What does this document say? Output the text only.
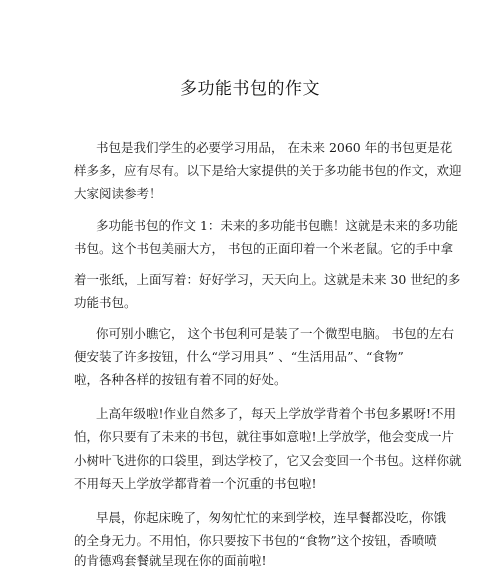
多功能书包的作文
书包是我们学生的必要学习用品， 在未来 2060 年的书包更是花
样多多，应有尽有。以下是给大家提供的关于多功能书包的作文，欢迎
大家阅读参考！
多功能书包的作文 1：未来的多功能书包瞧！这就是未来的多功能
书包。这个书包美丽大方， 书包的正面印着一个米老鼠。它的手中拿
着一张纸，上面写着：好好学习，天天向上。这就是未来 30 世纪的多
功能书包。
你可别小瞧它， 这个书包利可是装了一个微型电脑。 书包的左右
便安装了许多按钮，什么“学习用具” 、“生活用品”、“食物”
啦，各种各样的按钮有着不同的好处。
上高年级啦!作业自然多了，每天上学放学背着个书包多累呀!不用
怕，你只要有了未来的书包，就往事如意啦!上学放学，他会变成一片
小树叶飞进你的口袋里，到达学校了，它又会变回一个书包。这样你就
不用每天上学放学都背着一个沉重的书包啦!
早晨，你起床晚了，匆匆忙忙的来到学校，连早餐都没吃，你饿
的全身无力。不用怕，你只要按下书包的“食物”这个按钮，香喷喷
的肯德鸡套餐就呈现在你的面前啦!
